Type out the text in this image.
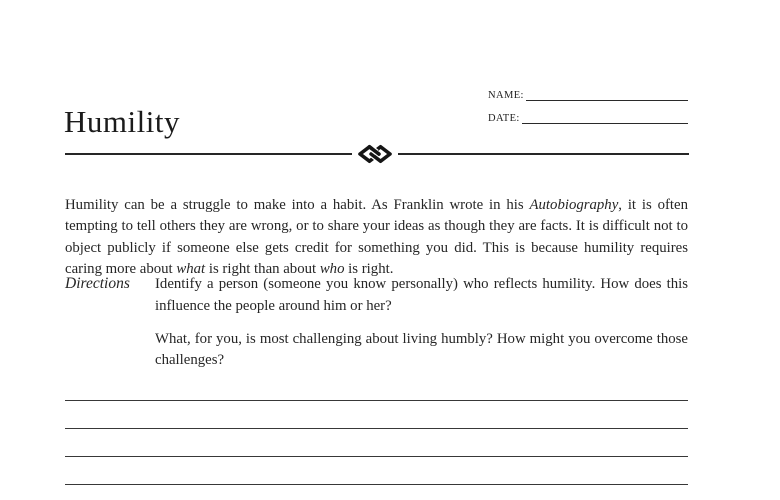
Humility
NAME:
DATE:

Humility can be a struggle to make into a habit. As Franklin wrote in his Autobiography, it is often tempting to tell others they are wrong, or to share your ideas as though they are facts. It is difficult not to object publicly if someone else gets credit for something you did. This is because humility requires caring more about what is right than about who is right.

Directions	Identify a person (someone you know personally) who reflects humility. How does this influence the people around him or her?

What, for you, is most challenging about living humbly? How might you overcome those challenges?
